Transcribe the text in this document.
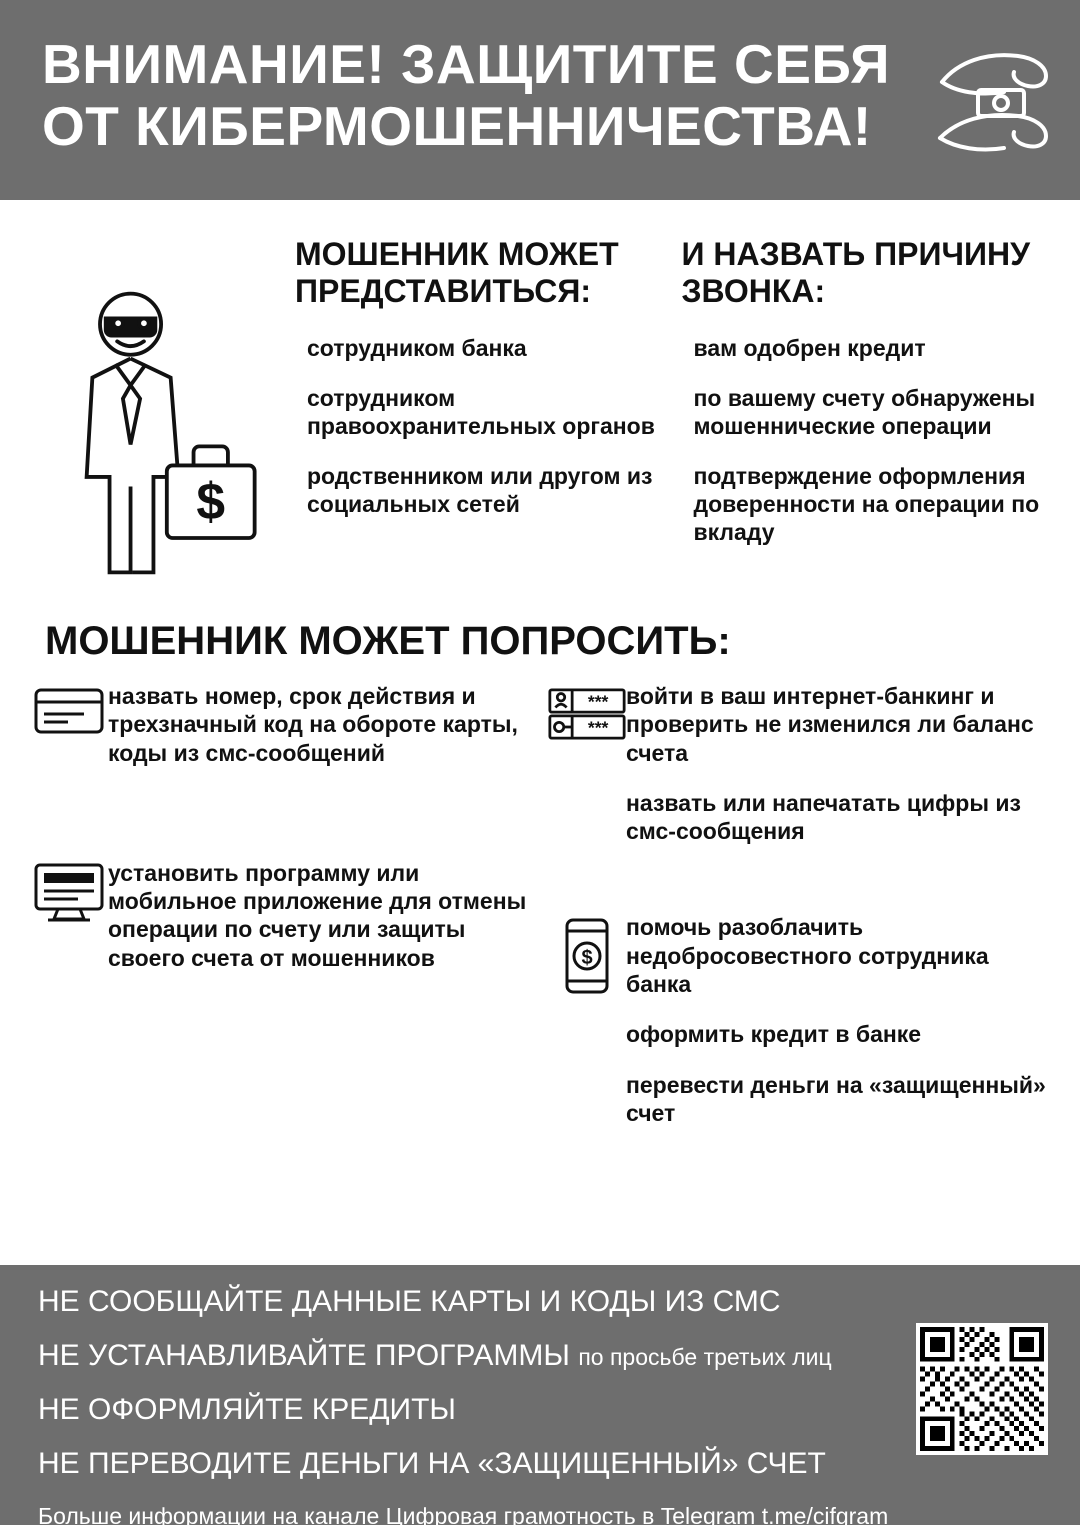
ВНИМАНИЕ! ЗАЩИТИТЕ СЕБЯ ОТ КИБЕРМОШЕННИЧЕСТВА!
$
МОШЕННИК МОЖЕТ ПРЕДСТАВИТЬСЯ:
сотрудником банка
сотрудником правоохранительных органов
родственником или другом из социальных сетей
И НАЗВАТЬ ПРИЧИНУ ЗВОНКА:
вам одобрен кредит
по вашему счету обнаружены мошеннические операции
подтверждение оформления доверенности на операции по вкладу
МОШЕННИК МОЖЕТ ПОПРОСИТЬ:
назвать номер, срок действия и трехзначный код на обороте карты, коды из смс-сообщений
установить программу или мобильное приложение для отмены операции по счету или защиты своего счета от мошенников
***
***
войти в ваш интернет-банкинг и проверить не изменился ли баланс счета
назвать или напечатать цифры из смс-сообщения
$
помочь разоблачить недобросовестного сотрудника банка
оформить кредит в банке
перевести деньги на «защищенный» счет
НЕ СООБЩАЙТЕ ДАННЫЕ КАРТЫ И КОДЫ ИЗ СМС
НЕ УСТАНАВЛИВАЙТЕ ПРОГРАММЫ по просьбе третьих лиц
НЕ ОФОРМЛЯЙТЕ КРЕДИТЫ
НЕ ПЕРЕВОДИТЕ ДЕНЬГИ НА «ЗАЩИЩЕННЫЙ» СЧЕТ
Больше информации на канале Цифровая грамотность в Telegram t.me/cifgram
